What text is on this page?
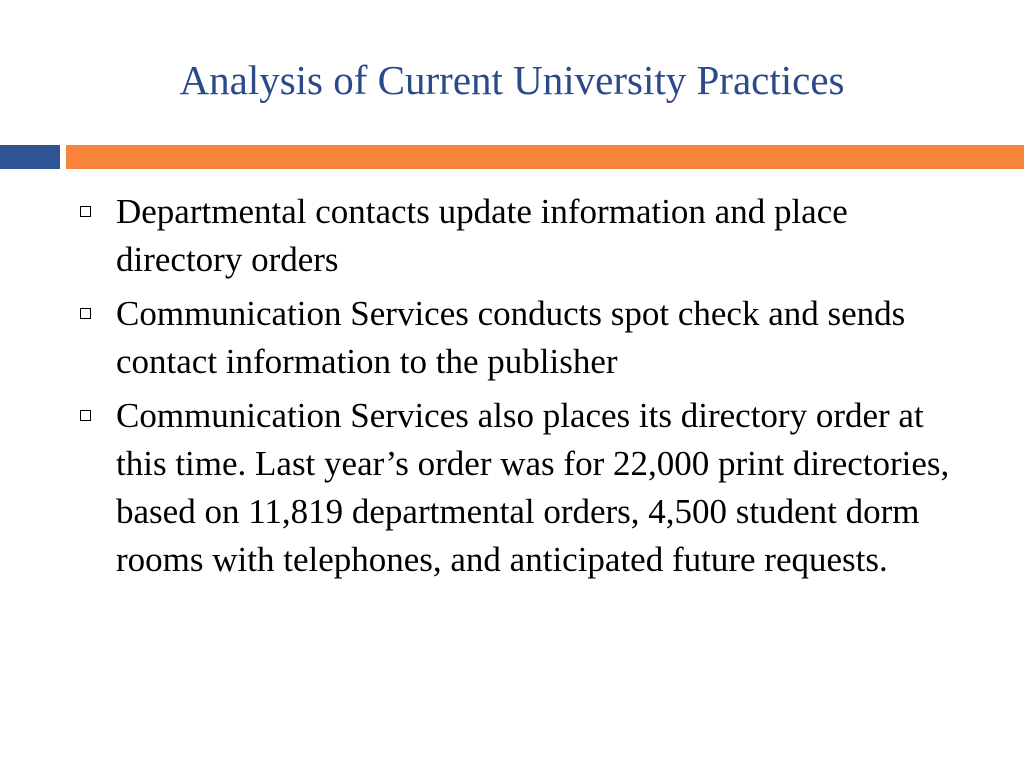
Analysis of Current University Practices
Departmental contacts update information and place directory orders
Communication Services conducts spot check and sends contact information to the publisher
Communication Services also places its directory order at this time. Last year’s order was for 22,000 print directories, based on 11,819 departmental orders, 4,500 student dorm rooms with telephones, and anticipated future requests.
